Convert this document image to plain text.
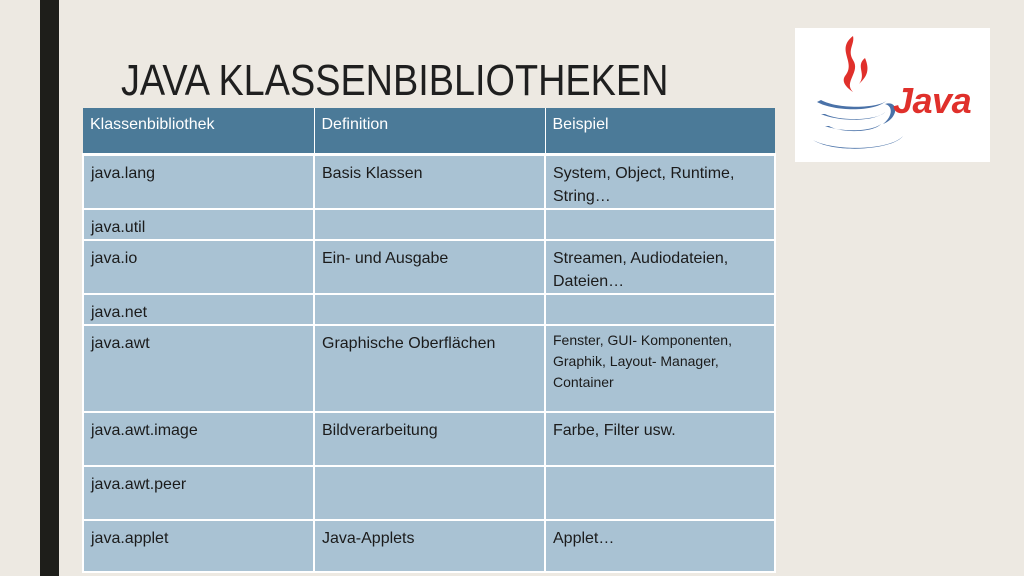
JAVA KLASSENBIBLIOTHEKEN	Java
Klassenbibliothek	Definition	Beispiel
java.lang	Basis Klassen	System, Object, Runtime, String…
java.util		
java.io	Ein- und Ausgabe	Streamen, Audiodateien, Dateien…
java.net		
java.awt	Graphische Oberflächen	Fenster, GUI- Komponenten, Graphik, Layout- Manager, Container
java.awt.image	Bildverarbeitung	Farbe, Filter usw.
java.awt.peer		
java.applet	Java-Applets	Applet…
